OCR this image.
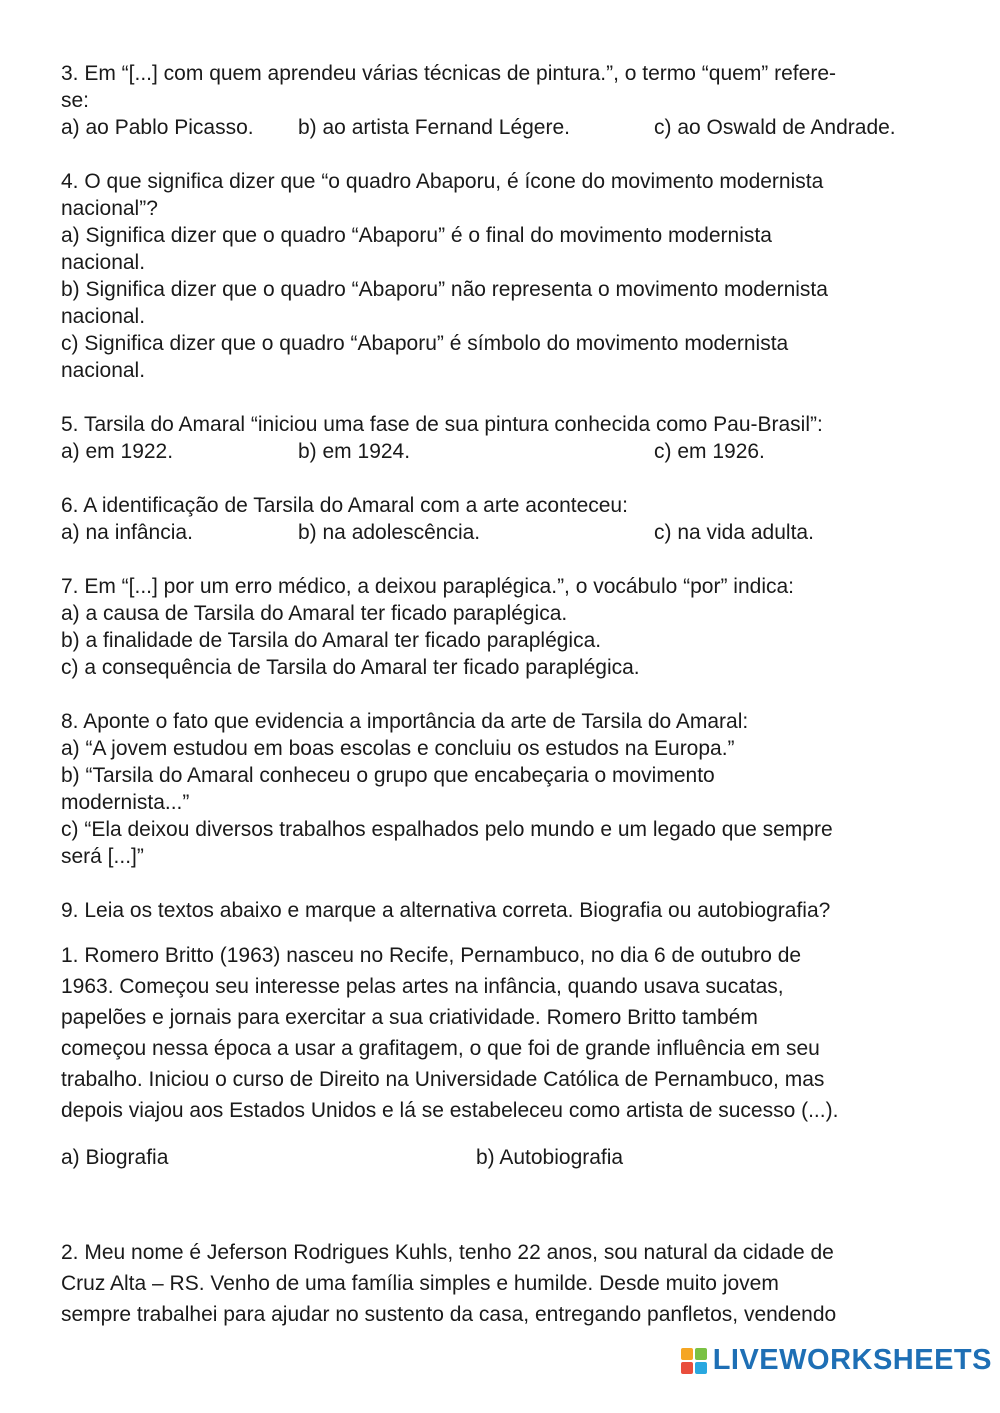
3. Em “[...] com quem aprendeu várias técnicas de pintura.”, o termo “quem” refere-
se:
a) ao Pablo Picasso. b) ao artista Fernand Légere.	c) ao Oswald de Andrade.
4. O que significa dizer que “o quadro Abaporu, é ícone do movimento modernista
nacional”?
a) Significa dizer que o quadro “Abaporu” é o final do movimento modernista
nacional.
b) Significa dizer que o quadro “Abaporu” não representa o movimento modernista
nacional.
c) Significa dizer que o quadro “Abaporu” é símbolo do movimento modernista
nacional.
5. Tarsila do Amaral “iniciou uma fase de sua pintura conhecida como Pau-Brasil”:
a) em 1922.	b) em 1924.	c) em 1926.
6. A identificação de Tarsila do Amaral com a arte aconteceu:
a) na infância.	b) na adolescência.	c) na vida adulta.
7. Em “[...] por um erro médico, a deixou paraplégica.”, o vocábulo “por” indica:
a) a causa de Tarsila do Amaral ter ficado paraplégica.
b) a finalidade de Tarsila do Amaral ter ficado paraplégica.
c) a consequência de Tarsila do Amaral ter ficado paraplégica.
8. Aponte o fato que evidencia a importância da arte de Tarsila do Amaral:
a) “A jovem estudou em boas escolas e concluiu os estudos na Europa.”
b) “Tarsila do Amaral conheceu o grupo que encabeçaria o movimento
modernista...”
c) “Ela deixou diversos trabalhos espalhados pelo mundo e um legado que sempre
será [...]”
9. Leia os textos abaixo e marque a alternativa correta. Biografia ou autobiografia?
1. Romero Britto (1963) nasceu no Recife, Pernambuco, no dia 6 de outubro de
1963. Começou seu interesse pelas artes na infância, quando usava sucatas,
papelões e jornais para exercitar a sua criatividade. Romero Britto também
começou nessa época a usar a grafitagem, o que foi de grande influência em seu
trabalho. Iniciou o curso de Direito na Universidade Católica de Pernambuco, mas
depois viajou aos Estados Unidos e lá se estabeleceu como artista de sucesso (...).
a) Biografia	b) Autobiografia
2. Meu nome é Jeferson Rodrigues Kuhls, tenho 22 anos, sou natural da cidade de
Cruz Alta – RS. Venho de uma família simples e humilde. Desde muito jovem
sempre trabalhei para ajudar no sustento da casa, entregando panfletos, vendendo
LIVEWORKSHEETS
